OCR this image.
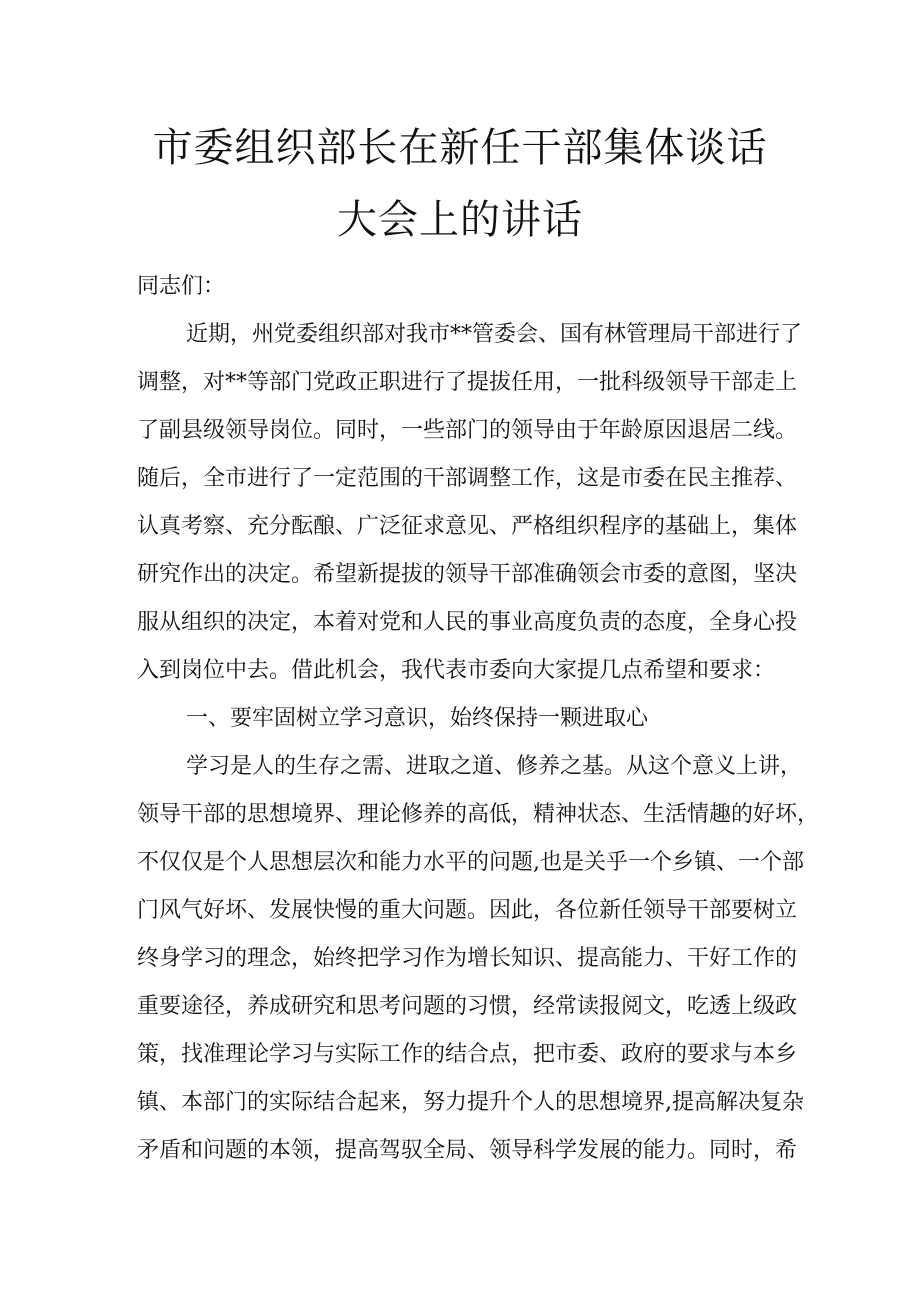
市委组织部长在新任干部集体谈话
大会上的讲话
同志们：
近期，州党委组织部对我市**管委会、国有林管理局干部进行了
调整，对**等部门党政正职进行了提拔任用，一批科级领导干部走上
了副县级领导岗位。同时，一些部门的领导由于年龄原因退居二线。
随后，全市进行了一定范围的干部调整工作，这是市委在民主推荐、
认真考察、充分酝酿、广泛征求意见、严格组织程序的基础上，集体
研究作出的决定。希望新提拔的领导干部准确领会市委的意图，坚决
服从组织的决定，本着对党和人民的事业高度负责的态度，全身心投
入到岗位中去。借此机会，我代表市委向大家提几点希望和要求：
一、要牢固树立学习意识，始终保持一颗进取心
学习是人的生存之需、进取之道、修养之基。从这个意义上讲，
领导干部的思想境界、理论修养的高低，精神状态、生活情趣的好坏，
不仅仅是个人思想层次和能力水平的问题,也是关乎一个乡镇、一个部
门风气好坏、发展快慢的重大问题。因此，各位新任领导干部要树立
终身学习的理念，始终把学习作为增长知识、提高能力、干好工作的
重要途径，养成研究和思考问题的习惯，经常读报阅文，吃透上级政
策，找准理论学习与实际工作的结合点，把市委、政府的要求与本乡
镇、本部门的实际结合起来，努力提升个人的思想境界,提高解决复杂
矛盾和问题的本领，提高驾驭全局、领导科学发展的能力。同时，希
